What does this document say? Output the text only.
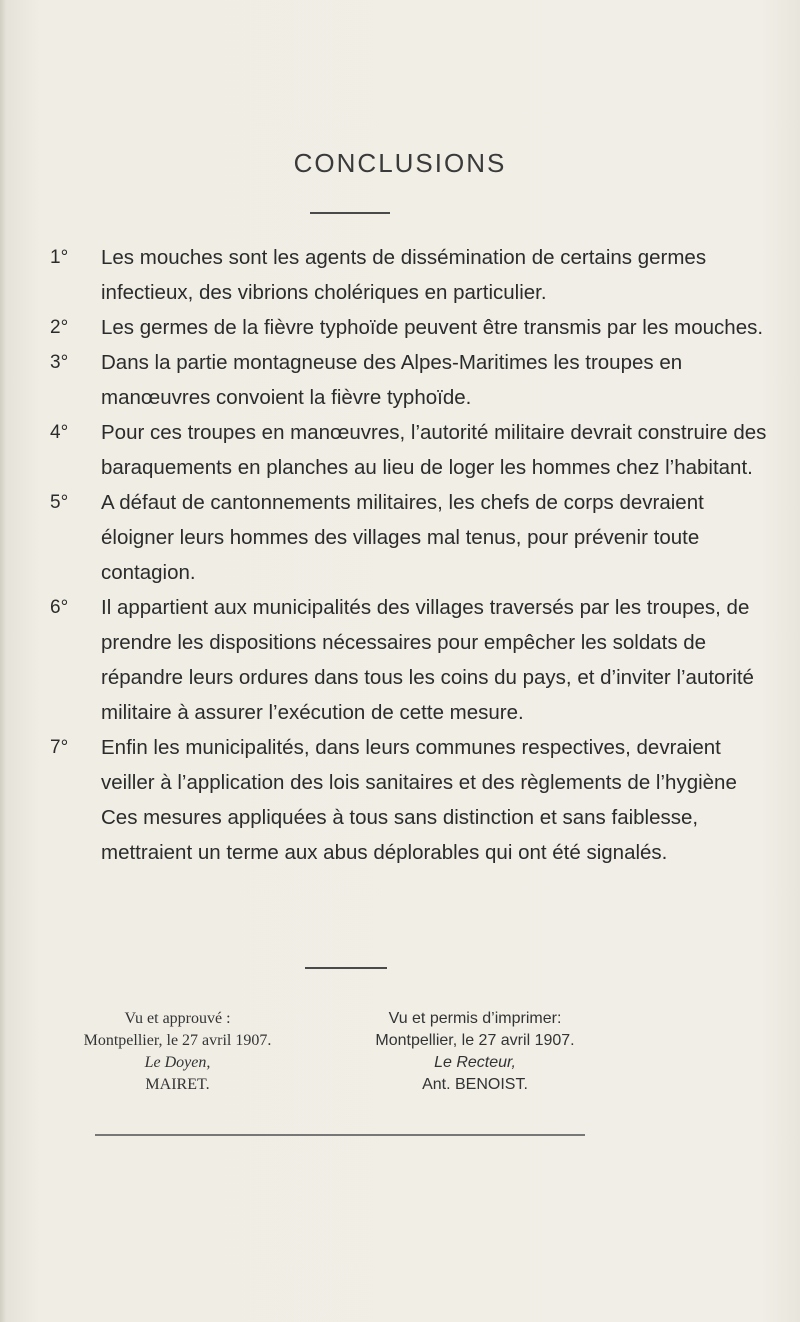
CONCLUSIONS
1°	Les mouches sont les agents de dissémination de certains germes infectieux, des vibrions cholériques en particulier.
2°	Les germes de la fièvre typhoïde peuvent être transmis par les mouches.
3°	Dans la partie montagneuse des Alpes-Maritimes les troupes en manœuvres convoient la fièvre typhoïde.
4°	Pour ces troupes en manœuvres, l’autorité militaire devrait construire des baraquements en planches au lieu de loger les hommes chez l’habitant.
5°	A défaut de cantonnements militaires, les chefs de corps devraient éloigner leurs hommes des villages mal tenus, pour prévenir toute contagion.
6°	Il appartient aux municipalités des villages traversés par les troupes, de prendre les dispositions nécessaires pour empêcher les soldats de répandre leurs ordures dans tous les coins du pays, et d’inviter l’autorité militaire à assurer l’exécution de cette mesure.
7°	Enfin les municipalités, dans leurs communes respectives, devraient veiller à l’application des lois sanitaires et des règlements de l’hygiène Ces mesures appliquées à tous sans distinction et sans faiblesse, mettraient un terme aux abus déplorables qui ont été signalés.
Vu et approuvé :
Montpellier, le 27 avril 1907.
Le Doyen,
MAIRET.
Vu et permis d’imprimer:
Montpellier, le 27 avril 1907.
Le Recteur,
Ant. BENOIST.
